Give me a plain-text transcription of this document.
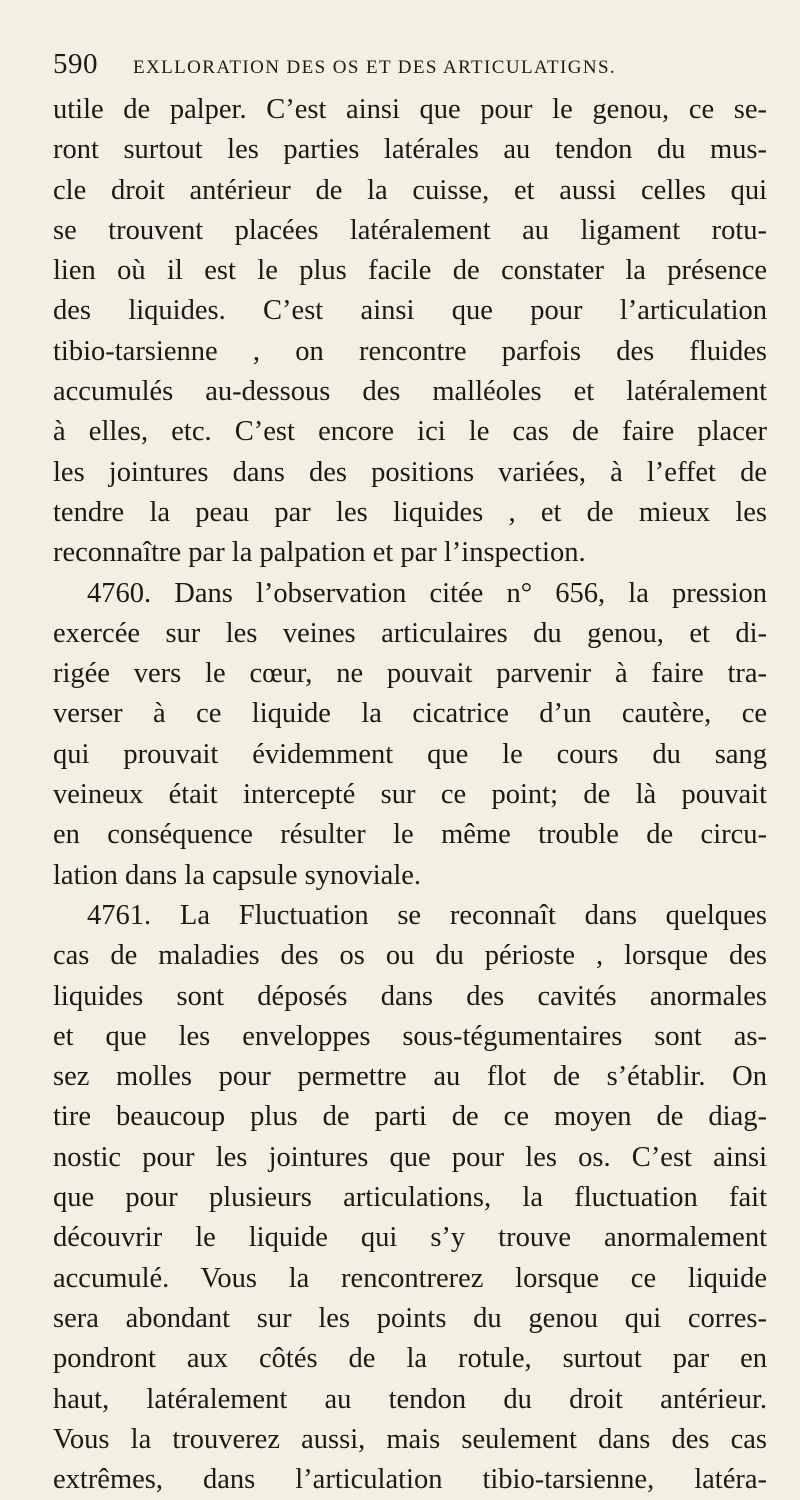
590	EXLLORATION DES OS ET DES ARTICULATIGNS.
utile de palper. C’est ainsi que pour le genou, ce se-
ront surtout les parties latérales au tendon du mus-
cle droit antérieur de la cuisse, et aussi celles qui
se trouvent placées latéralement au ligament rotu-
lien où il est le plus facile de constater la présence
des liquides. C’est ainsi que pour l’articulation
tibio-tarsienne , on rencontre parfois des fluides
accumulés au-dessous des malléoles et latéralement
à elles, etc. C’est encore ici le cas de faire placer
les jointures dans des positions variées, à l’effet de
tendre la peau par les liquides , et de mieux les
reconnaître par la palpation et par l’inspection.
4760. Dans l’observation citée n° 656, la pression
exercée sur les veines articulaires du genou, et di-
rigée vers le cœur, ne pouvait parvenir à faire tra-
verser à ce liquide la cicatrice d’un cautère, ce
qui prouvait évidemment que le cours du sang
veineux était intercepté sur ce point; de là pouvait
en conséquence résulter le même trouble de circu-
lation dans la capsule synoviale.
4761. La Fluctuation se reconnaît dans quelques
cas de maladies des os ou du périoste , lorsque des
liquides sont déposés dans des cavités anormales
et que les enveloppes sous-tégumentaires sont as-
sez molles pour permettre au flot de s’établir. On
tire beaucoup plus de parti de ce moyen de diag-
nostic pour les jointures que pour les os. C’est ainsi
que pour plusieurs articulations, la fluctuation fait
découvrir le liquide qui s’y trouve anormalement
accumulé. Vous la rencontrerez lorsque ce liquide
sera abondant sur les points du genou qui corres-
pondront aux côtés de la rotule, surtout par en
haut, latéralement au tendon du droit antérieur.
Vous la trouverez aussi, mais seulement dans des cas
extrêmes, dans l’articulation tibio-tarsienne, latéra-
